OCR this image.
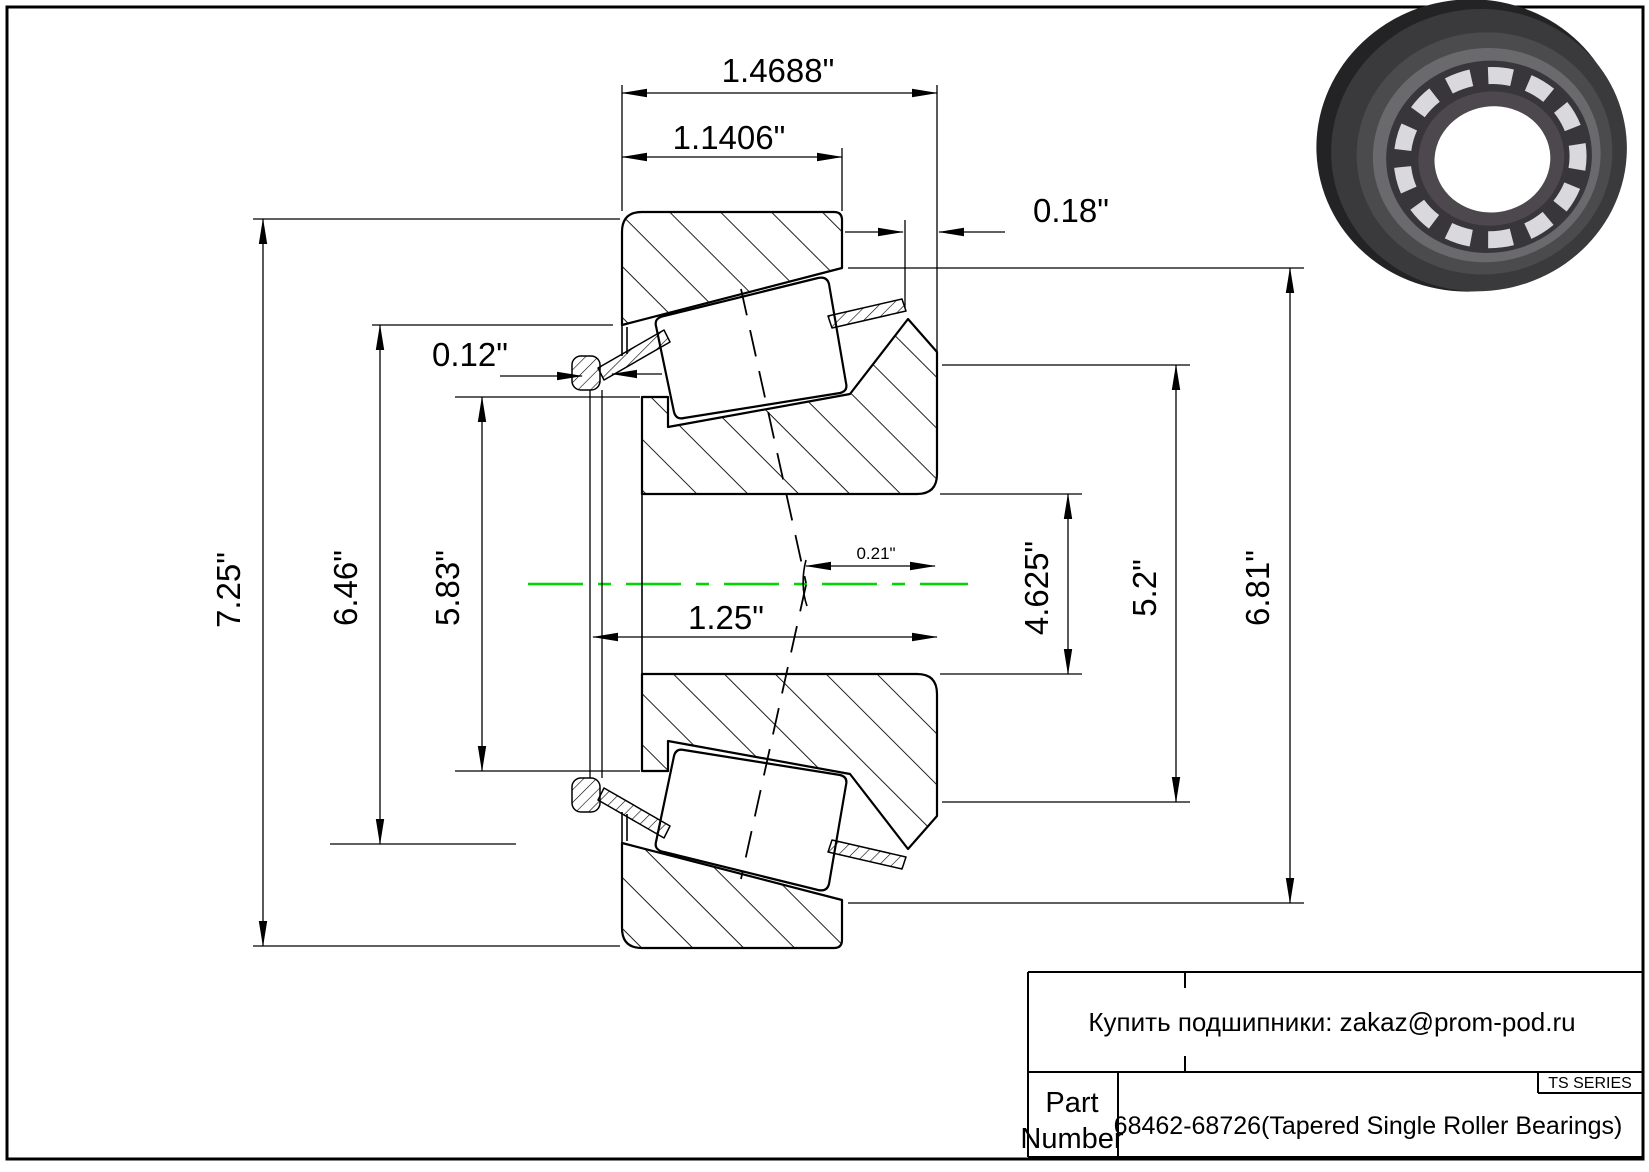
1.4688"
1.1406"
0.18"
0.12"
7.25" 6.46" 5.83"	4.625" 5.2" 6.81"
1.25"
0.21"
Купить подшипники: zakaz@prom-pod.ru
Part
Number
TS SERIES
68462-68726(Tapered Single Roller Bearings)
